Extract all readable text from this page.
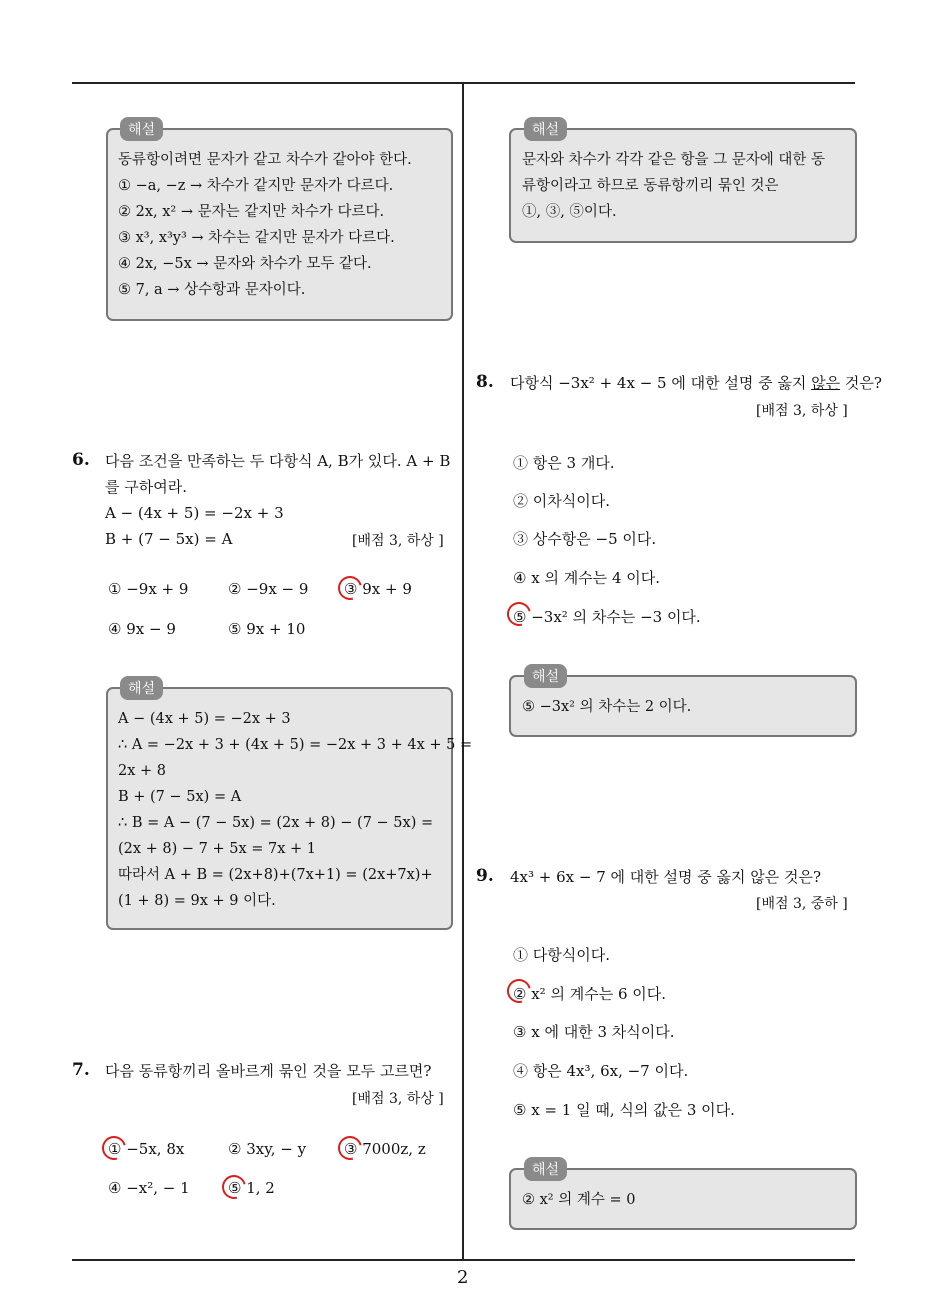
해설
동류항이려면 문자가 같고 차수가 같아야 한다.
① −a, −z → 차수가 같지만 문자가 다르다.
② 2x, x² → 문자는 같지만 차수가 다르다.
③ x³, x³y³ → 차수는 같지만 문자가 다르다.
④ 2x, −5x → 문자와 차수가 모두 같다.
⑤ 7, a → 상수항과 문자이다.
6. 다음 조건을 만족하는 두 다항식 A, B가 있다. A + B
를 구하여라.
A − (4x + 5) = −2x + 3
B + (7 − 5x) = A	[배점 3, 하상 ]
① −9x + 9	② −9x − 9 ③ 9x + 9
④ 9x − 9	⑤ 9x + 10
해설
A − (4x + 5) = −2x + 3
∴ A = −2x + 3 + (4x + 5) = −2x + 3 + 4x + 5 =
2x + 8
B + (7 − 5x) = A
∴ B = A − (7 − 5x) = (2x + 8) − (7 − 5x) =
(2x + 8) − 7 + 5x = 7x + 1
따라서 A + B = (2x+8)+(7x+1) = (2x+7x)+
(1 + 8) = 9x + 9 이다.
7. 다음 동류항끼리 올바르게 묶인 것을 모두 고르면?
[배점 3, 하상 ]
① −5x, 8x	② 3xy, − y	③ 7000z, z
④ −x², − 1	⑤ 1, 2
해설
문자와 차수가 각각 같은 항을 그 문자에 대한 동
류항이라고 하므로 동류항끼리 묶인 것은
①, ③, ⑤이다.
8. 다항식 −3x² + 4x − 5 에 대한 설명 중 옳지 않은 것은?
[배점 3, 하상 ]
① 항은 3 개다.
② 이차식이다.
③ 상수항은 −5 이다.
④ x 의 계수는 4 이다.
⑤ −3x² 의 차수는 −3 이다.
해설
⑤ −3x² 의 차수는 2 이다.
9. 4x³ + 6x − 7 에 대한 설명 중 옳지 않은 것은?
[배점 3, 중하 ]
① 다항식이다.
② x² 의 계수는 6 이다.
③ x 에 대한 3 차식이다.
④ 항은 4x³, 6x, −7 이다.
⑤ x = 1 일 때, 식의 값은 3 이다.
해설
② x² 의 계수 = 0
2
